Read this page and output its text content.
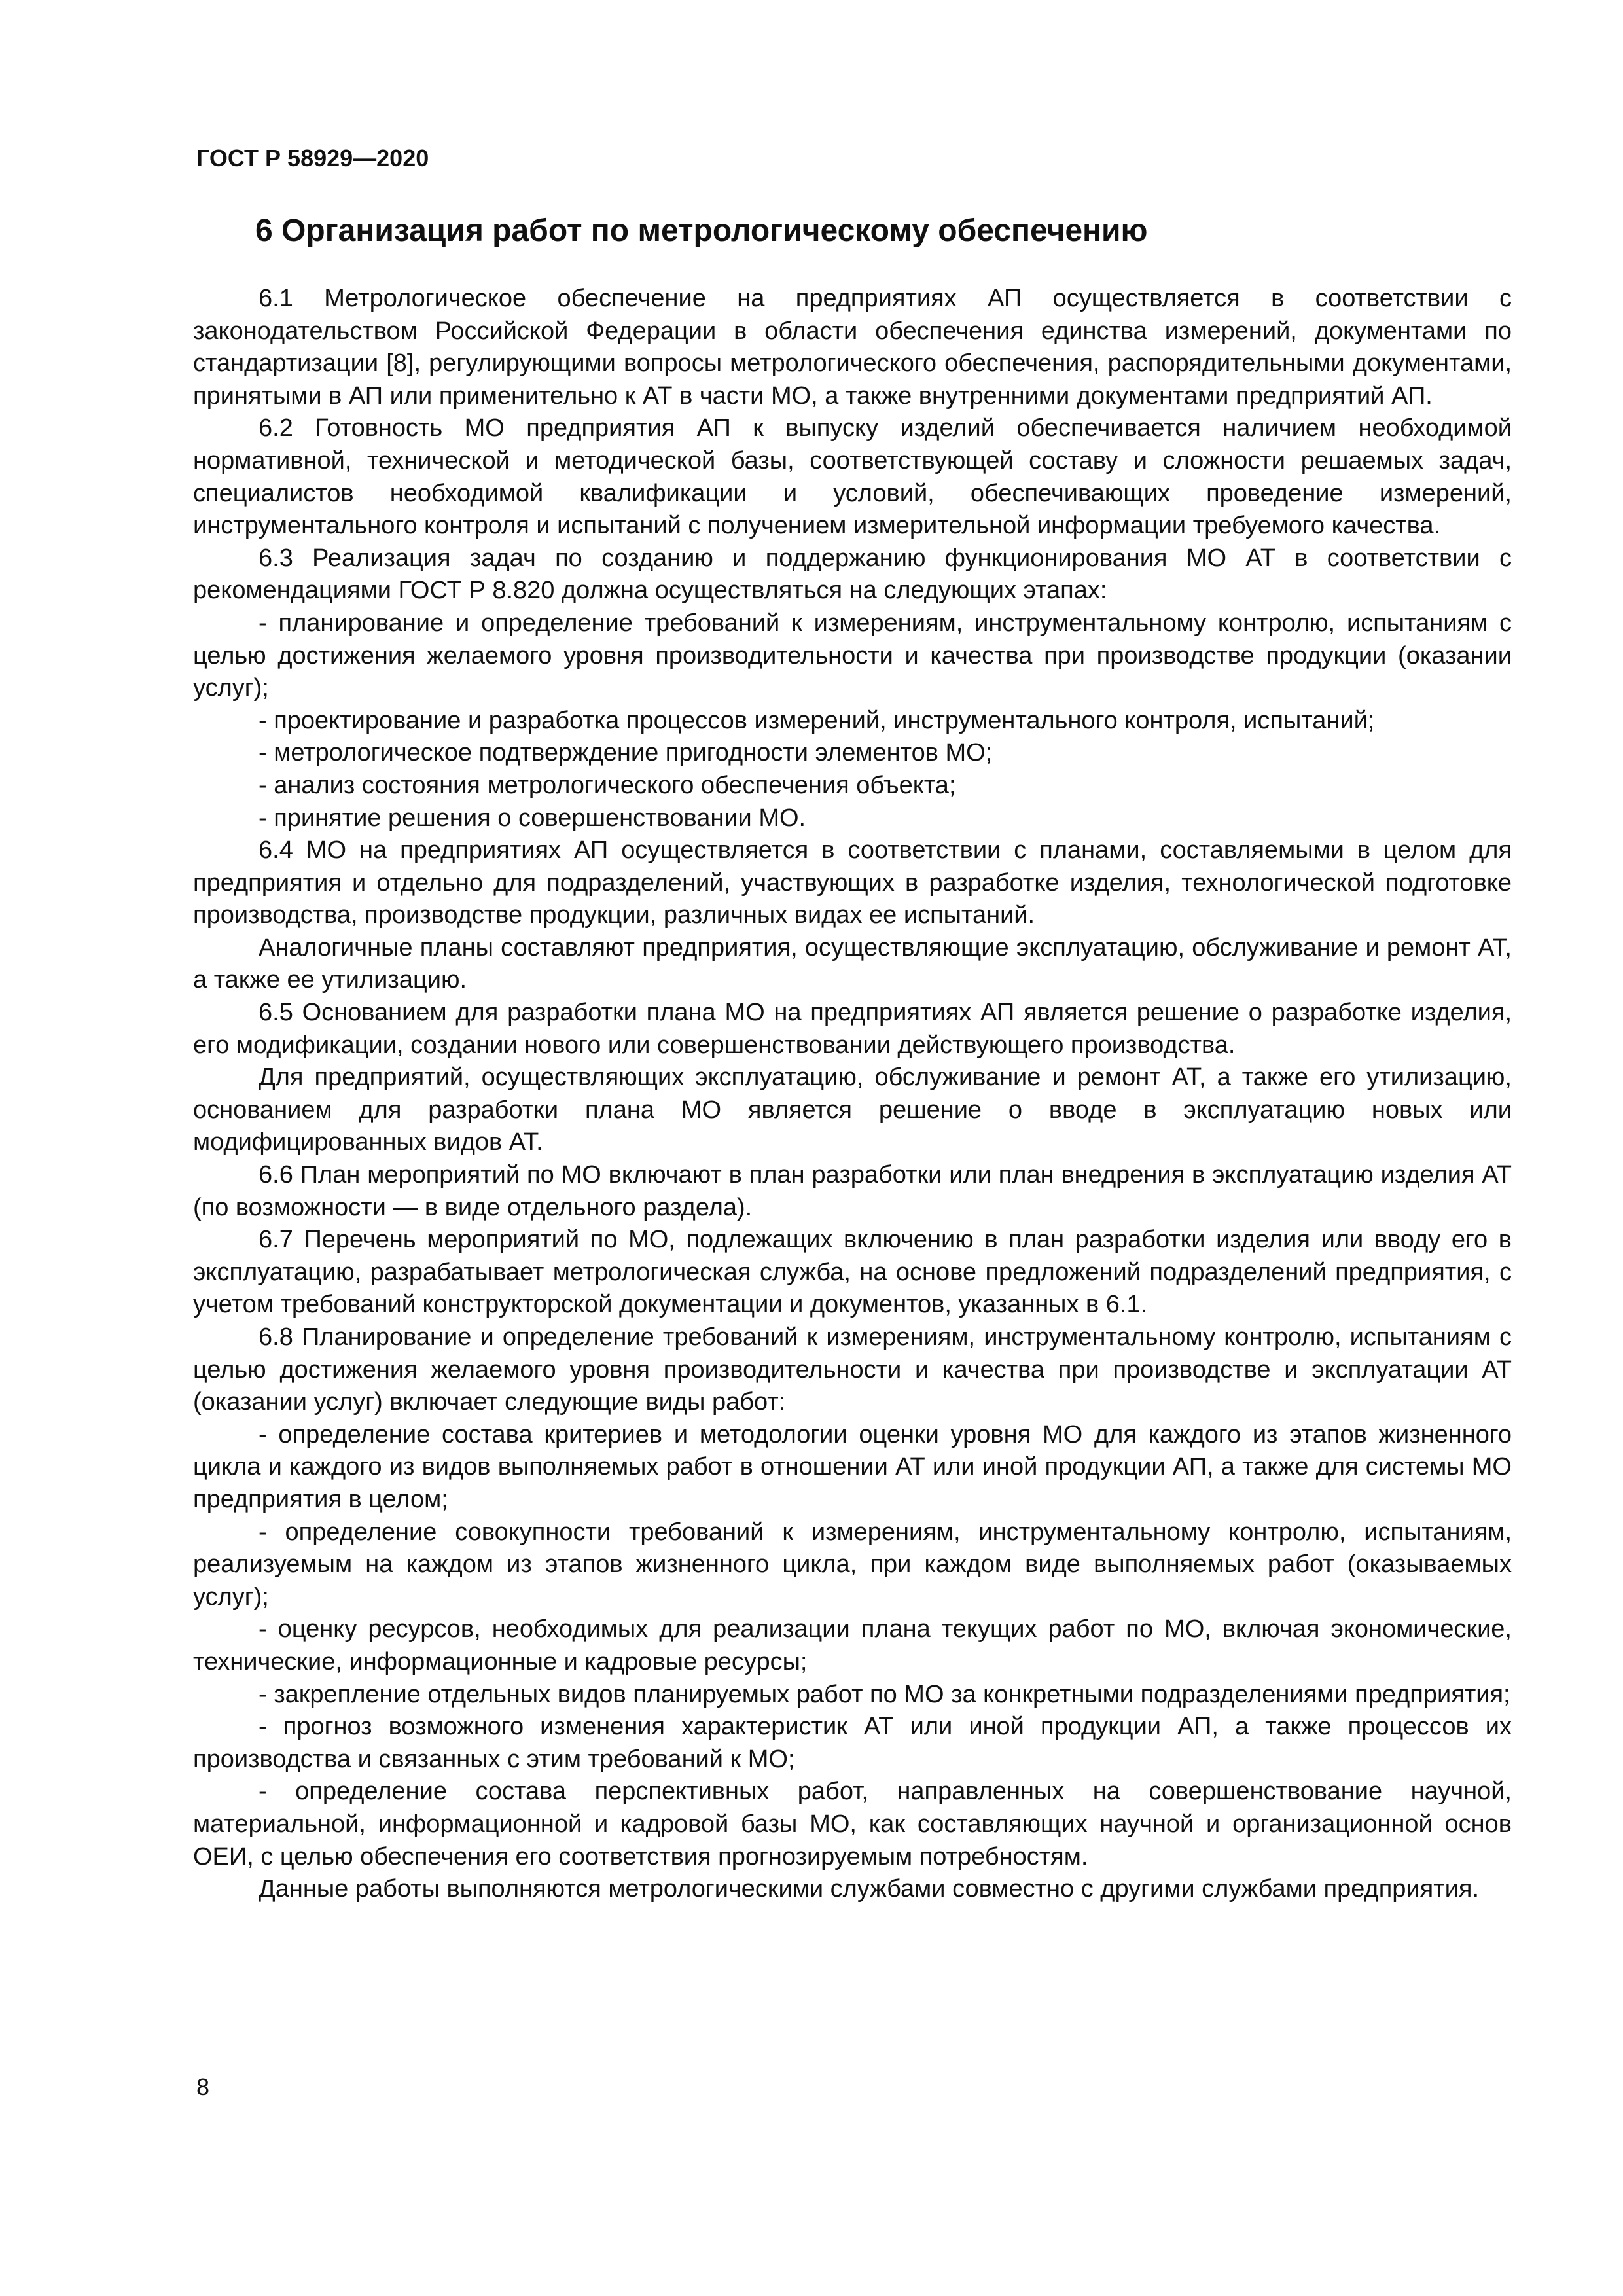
ГОСТ Р 58929—2020
6 Организация работ по метрологическому обеспечению

6.1 Метрологическое обеспечение на предприятиях АП осуществляется в соответствии с законодательством Российской Федерации в области обеспечения единства измерений, документами по стандартизации [8], регулирующими вопросы метрологического обеспечения, распорядительными документами, принятыми в АП или применительно к АТ в части МО, а также внутренними документами предприятий АП.

6.2 Готовность МО предприятия АП к выпуску изделий обеспечивается наличием необходимой нормативной, технической и методической базы, соответствующей составу и сложности решаемых задач, специалистов необходимой квалификации и условий, обеспечивающих проведение измерений, инструментального контроля и испытаний с получением измерительной информации требуемого качества.

6.3 Реализация задач по созданию и поддержанию функционирования МО АТ в соответствии с рекомендациями ГОСТ Р 8.820 должна осуществляться на следующих этапах:

- планирование и определение требований к измерениям, инструментальному контролю, испытаниям с целью достижения желаемого уровня производительности и качества при производстве продукции (оказании услуг);

- проектирование и разработка процессов измерений, инструментального контроля, испытаний;

- метрологическое подтверждение пригодности элементов МО;

- анализ состояния метрологического обеспечения объекта;

- принятие решения о совершенствовании МО.

6.4 МО на предприятиях АП осуществляется в соответствии с планами, составляемыми в целом для предприятия и отдельно для подразделений, участвующих в разработке изделия, технологической подготовке производства, производстве продукции, различных видах ее испытаний.

Аналогичные планы составляют предприятия, осуществляющие эксплуатацию, обслуживание и ремонт АТ, а также ее утилизацию.

6.5 Основанием для разработки плана МО на предприятиях АП является решение о разработке изделия, его модификации, создании нового или совершенствовании действующего производства.

Для предприятий, осуществляющих эксплуатацию, обслуживание и ремонт АТ, а также его утилизацию, основанием для разработки плана МО является решение о вводе в эксплуатацию новых или модифицированных видов АТ.

6.6 План мероприятий по МО включают в план разработки или план внедрения в эксплуатацию изделия АТ (по возможности — в виде отдельного раздела).

6.7 Перечень мероприятий по МО, подлежащих включению в план разработки изделия или вводу его в эксплуатацию, разрабатывает метрологическая служба, на основе предложений подразделений предприятия, с учетом требований конструкторской документации и документов, указанных в 6.1.

6.8 Планирование и определение требований к измерениям, инструментальному контролю, испытаниям с целью достижения желаемого уровня производительности и качества при производстве и эксплуатации АТ (оказании услуг) включает следующие виды работ:

- определение состава критериев и методологии оценки уровня МО для каждого из этапов жизненного цикла и каждого из видов выполняемых работ в отношении АТ или иной продукции АП, а также для системы МО предприятия в целом;

- определение совокупности требований к измерениям, инструментальному контролю, испытаниям, реализуемым на каждом из этапов жизненного цикла, при каждом виде выполняемых работ (оказываемых услуг);

- оценку ресурсов, необходимых для реализации плана текущих работ по МО, включая экономические, технические, информационные и кадровые ресурсы;

- закрепление отдельных видов планируемых работ по МО за конкретными подразделениями предприятия;

- прогноз возможного изменения характеристик АТ или иной продукции АП, а также процессов их производства и связанных с этим требований к МО;

- определение состава перспективных работ, направленных на совершенствование научной, материальной, информационной и кадровой базы МО, как составляющих научной и организационной основ ОЕИ, с целью обеспечения его соответствия прогнозируемым потребностям.

Данные работы выполняются метрологическими службами совместно с другими службами предприятия.

8
